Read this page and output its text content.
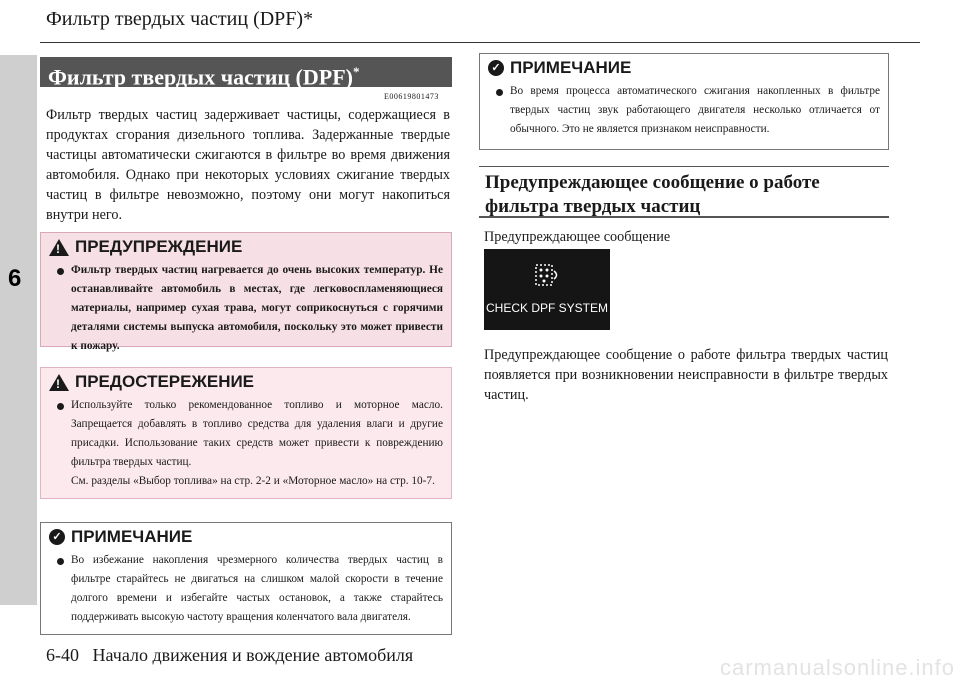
Фильтр твердых частиц (DPF)*
6
Фильтр твердых частиц (DPF)*
E00619801473
Фильтр твердых частиц задерживает частицы, содержащиеся в продуктах сгорания дизельного топлива. Задержанные твердые частицы автоматически сжигаются в фильтре во время движения автомобиля. Однако при некоторых условиях сжигание твердых частиц в фильтре невозможно, поэтому они могут накопиться внутри него.
!
ПРЕДУПРЕЖДЕНИЕ
Фильтр твердых частиц нагревается до очень высоких температур. Не останавливайте автомобиль в местах, где легковоспламеняющиеся материалы, например сухая трава, могут соприкоснуться с горячими деталями системы выпуска автомобиля, поскольку это может привести к пожару.
!
ПРЕДОСТЕРЕЖЕНИЕ
Используйте только рекомендованное топливо и моторное масло. Запрещается добавлять в топливо средства для удаления влаги и другие присадки. Использование таких средств может привести к повреждению фильтра твердых частиц.
См. разделы «Выбор топлива» на стр. 2-2 и «Моторное масло» на стр. 10-7.
✓ ПРИМЕЧАНИЕ
Во избежание накопления чрезмерного количества твердых частиц в фильтре старайтесь не двигаться на слишком малой скорости в течение долгого времени и избегайте частых остановок, а также старайтесь поддерживать высокую частоту вращения коленчатого вала двигателя.
✓ ПРИМЕЧАНИЕ
Во время процесса автоматического сжигания накопленных в фильтре твердых частиц звук работающего двигателя несколько отличается от обычного. Это не является признаком неисправности.
Предупреждающее сообщение о работе фильтра твердых частиц
Предупреждающее сообщение
CHECK DPF SYSTEM
Предупреждающее сообщение о работе фильтра твердых частиц появляется при возникновении неисправности в фильтре твердых частиц.
6-40 Начало движения и вождение автомобиля	carmanualsonline.info
